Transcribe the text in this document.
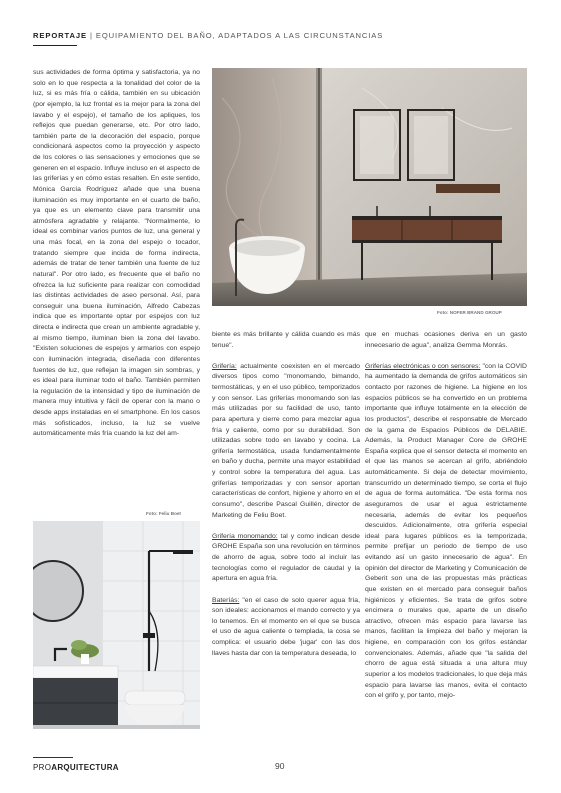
REPORTAJE | EQUIPAMIENTO DEL BAÑO, ADAPTADOS A LAS CIRCUNSTANCIAS

sus actividades de forma óptima y satisfactoria, ya no solo en lo que respecta a la tonalidad del color de la luz, si es más fría o cálida, también en su ubicación (por ejemplo, la luz frontal es la mejor para la zona del lavabo y el espejo), el tamaño de los apliques, los reflejos que puedan generarse, etc. Por otro lado, también parte de la decoración del espacio, porque condicionará aspectos como la proyección y aspecto de los colores o las sensaciones y emociones que se generen en el espacio. Influye incluso en el aspecto de las griferías y en cómo estas resalten. En este sentido, Mónica García Rodríguez añade que una buena iluminación es muy importante en el cuarto de baño, ya que es un elemento clave para transmitir una atmósfera agradable y relajante. "Normalmente, lo ideal es combinar varios puntos de luz, una general y una más focal, en la zona del espejo o tocador, tratando siempre que incida de forma indirecta, además de tratar de tener también una fuente de luz natural". Por otro lado, es frecuente que el baño no ofrezca la luz suficiente para realizar con comodidad las distintas actividades de aseo personal. Así, para conseguir una buena iluminación, Alfredo Cabezas indica que es importante optar por espejos con luz directa e indirecta que crean un ambiente agradable y, al mismo tiempo, iluminan bien la zona del lavabo. "Existen soluciones de espejos y armarios con espejo con iluminación integrada, diseñada con diferentes fuentes de luz, que reflejan la imagen sin sombras, y es ideal para iluminar todo el baño. También permiten la regulación de la intensidad y tipo de iluminación de manera muy intuitiva y fácil de operar con la mano o desde apps instaladas en el smartphone. En los casos más sofisticados, incluso, la luz se vuelve automáticamente más fría cuando la luz del am-

Foto: NOFER BRAND GROUP
Foto: Feliu Boet

biente es más brillante y cálida cuando es más tenue".

Grifería: actualmente coexisten en el mercado diversos tipos como "monomando, bimando, termostáticas, y en el uso público, temporizados y con sensor. Las griferías monomando son las más utilizadas por su facilidad de uso, tanto para apertura y cierre como para mezclar agua fría y caliente, como por su durabilidad. Son utilizadas sobre todo en lavabo y cocina. La grifería termostática, usada fundamentalmente en baño y ducha, permite una mayor estabilidad y control sobre la temperatura del agua. Las griferías temporizadas y con sensor aportan características de confort, higiene y ahorro en el consumo", describe Pascal Guillén, director de Marketing de Feliu Boet.

Grifería monomando: tal y como indican desde GROHE España son una revolución en términos de ahorro de agua, sobre todo al incluir las tecnologías como el regulador de caudal y la apertura en agua fría.

Bateríás: "en el caso de solo querer agua fría, son ideales: accionamos el mando correcto y ya lo tenemos. En el momento en el que se busca el uso de agua caliente o templada, la cosa se complica: el usuario debe 'jugar' con las dos llaves hasta dar con la temperatura deseada, lo

que en muchas ocasiones deriva en un gasto innecesario de agua", analiza Gemma Monrás.

Griferías electrónicas o con sensores: "con la COVID ha aumentado la demanda de grifos automáticos sin contacto por razones de higiene. La higiene en los espacios públicos se ha convertido en un problema importante que influye totalmente en la elección de los productos", describe el responsable de Mercado de la gama de Espacios Públicos de DELABIE. Además, la Product Manager Core de GROHE España explica que el sensor detecta el momento en el que las manos se acercan al grifo, abriéndolo automáticamente. Si deja de detectar movimiento, transcurrido un determinado tiempo, se corta el flujo de agua de forma automática. "De esta forma nos aseguramos de usar el agua estrictamente necesaria, además de evitar los pequeños descuidos. Adicionalmente, otra grifería especial ideal para lugares públicos es la temporizada, permite prefijar un periodo de tiempo de uso evitando así un gasto innecesario de agua". En opinión del director de Marketing y Comunicación de Geberit son una de las propuestas más prácticas que existen en el mercado para conseguir baños higiénicos y eficientes. Se trata de grifos sobre encimera o murales que, aparte de un diseño atractivo, ofrecen más espacio para lavarse las manos, facilitan la limpieza del baño y mejoran la higiene, en comparación con los grifos estándar convencionales. Además, añade que "la salida del chorro de agua está situada a una altura muy superior a los modelos tradicionales, lo que deja más espacio para lavarse las manos, evita el contacto con el grifo y, por tanto, mejo-

PROARQUITECTURA	90
